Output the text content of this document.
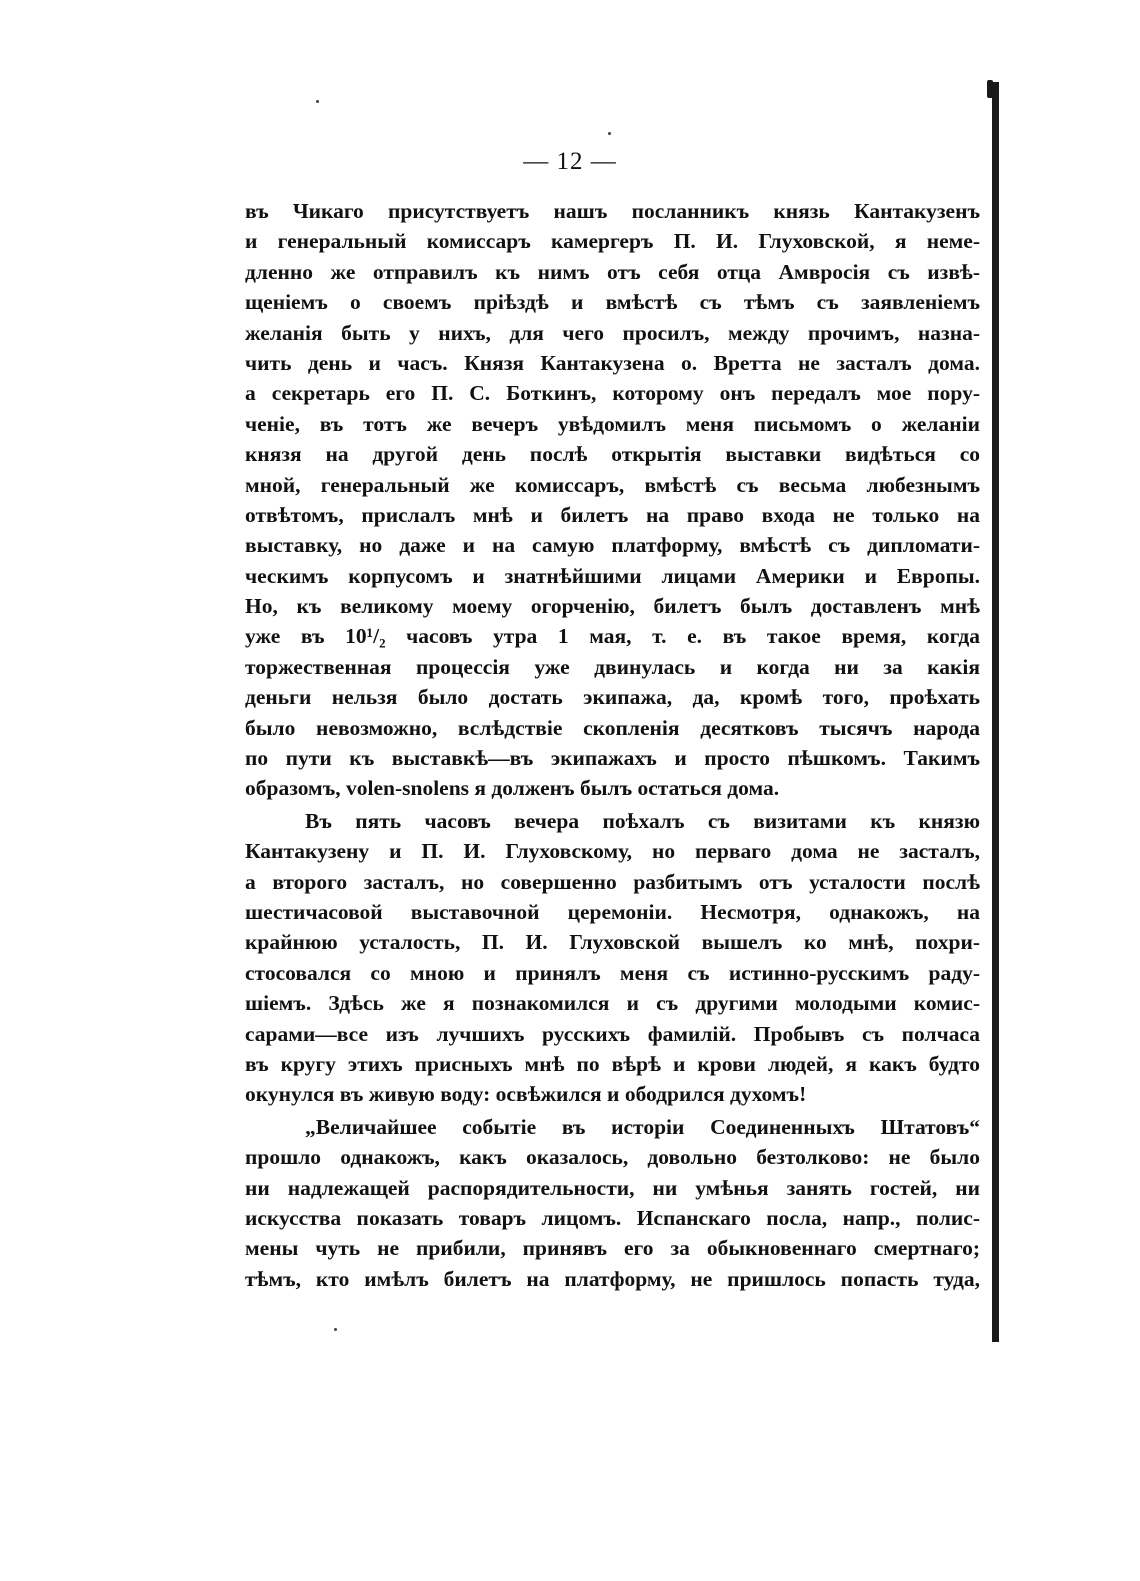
— 12 —
въ Чикаго присутствуетъ нашъ посланникъ князь Кантакузенъ
и генеральный комиссаръ камергеръ П. И. Глуховской, я неме-
дленно же отправилъ къ нимъ отъ себя отца Амвросія съ извѣ-
щеніемъ о своемъ пріѣздѣ и вмѣстѣ съ тѣмъ съ заявленіемъ
желанія быть у нихъ, для чего просилъ, между прочимъ, назна-
чить день и часъ. Князя Кантакузена о. Вретта не засталъ дома.
а секретарь его П. С. Боткинъ, которому онъ передалъ мое пору-
ченіе, въ тотъ же вечеръ увѣдомилъ меня письмомъ о желаніи
князя на другой день послѣ открытія выставки видѣться со
мной, генеральный же комиссаръ, вмѣстѣ съ весьма любезнымъ
отвѣтомъ, прислалъ мнѣ и билетъ на право входа не только на
выставку, но даже и на самую платформу, вмѣстѣ съ дипломати-
ческимъ корпусомъ и знатнѣйшими лицами Америки и Европы.
Но, къ великому моему огорченію, билетъ былъ доставленъ мнѣ
уже въ 10¹/₂ часовъ утра 1 мая, т. е. въ такое время, когда
торжественная процессія уже двинулась и когда ни за какія
деньги нельзя было достать экипажа, да, кромѣ того, проѣхать
было невозможно, вслѣдствіе скопленія десятковъ тысячъ народа
по пути къ выставкѣ—въ экипажахъ и просто пѣшкомъ. Такимъ
образомъ, volen-snolens я долженъ былъ остаться дома.
Въ пять часовъ вечера поѣхалъ съ визитами къ князю
Кантакузену и П. И. Глуховскому, но перваго дома не засталъ,
а второго засталъ, но совершенно разбитымъ отъ усталости послѣ
шестичасовой выставочной церемоніи. Несмотря, однакожъ, на
крайнюю усталость, П. И. Глуховской вышелъ ко мнѣ, похри-
стосовался со мною и принялъ меня съ истинно-русскимъ раду-
шіемъ. Здѣсь же я познакомился и съ другими молодыми комис-
сарами—все изъ лучшихъ русскихъ фамилій. Пробывъ съ полчаса
въ кругу этихъ присныхъ мнѣ по вѣрѣ и крови людей, я какъ будто
окунулся въ живую воду: освѣжился и ободрился духомъ!
„Величайшее событіе въ исторіи Соединенныхъ Штатовъ“
прошло однакожъ, какъ оказалось, довольно безтолково: не было
ни надлежащей распорядительности, ни умѣнья занять гостей, ни
искусства показать товаръ лицомъ. Испанскаго посла, напр., полис-
мены чуть не прибили, принявъ его за обыкновеннаго смертнаго;
тѣмъ, кто имѣлъ билетъ на платформу, не пришлось попасть туда,
